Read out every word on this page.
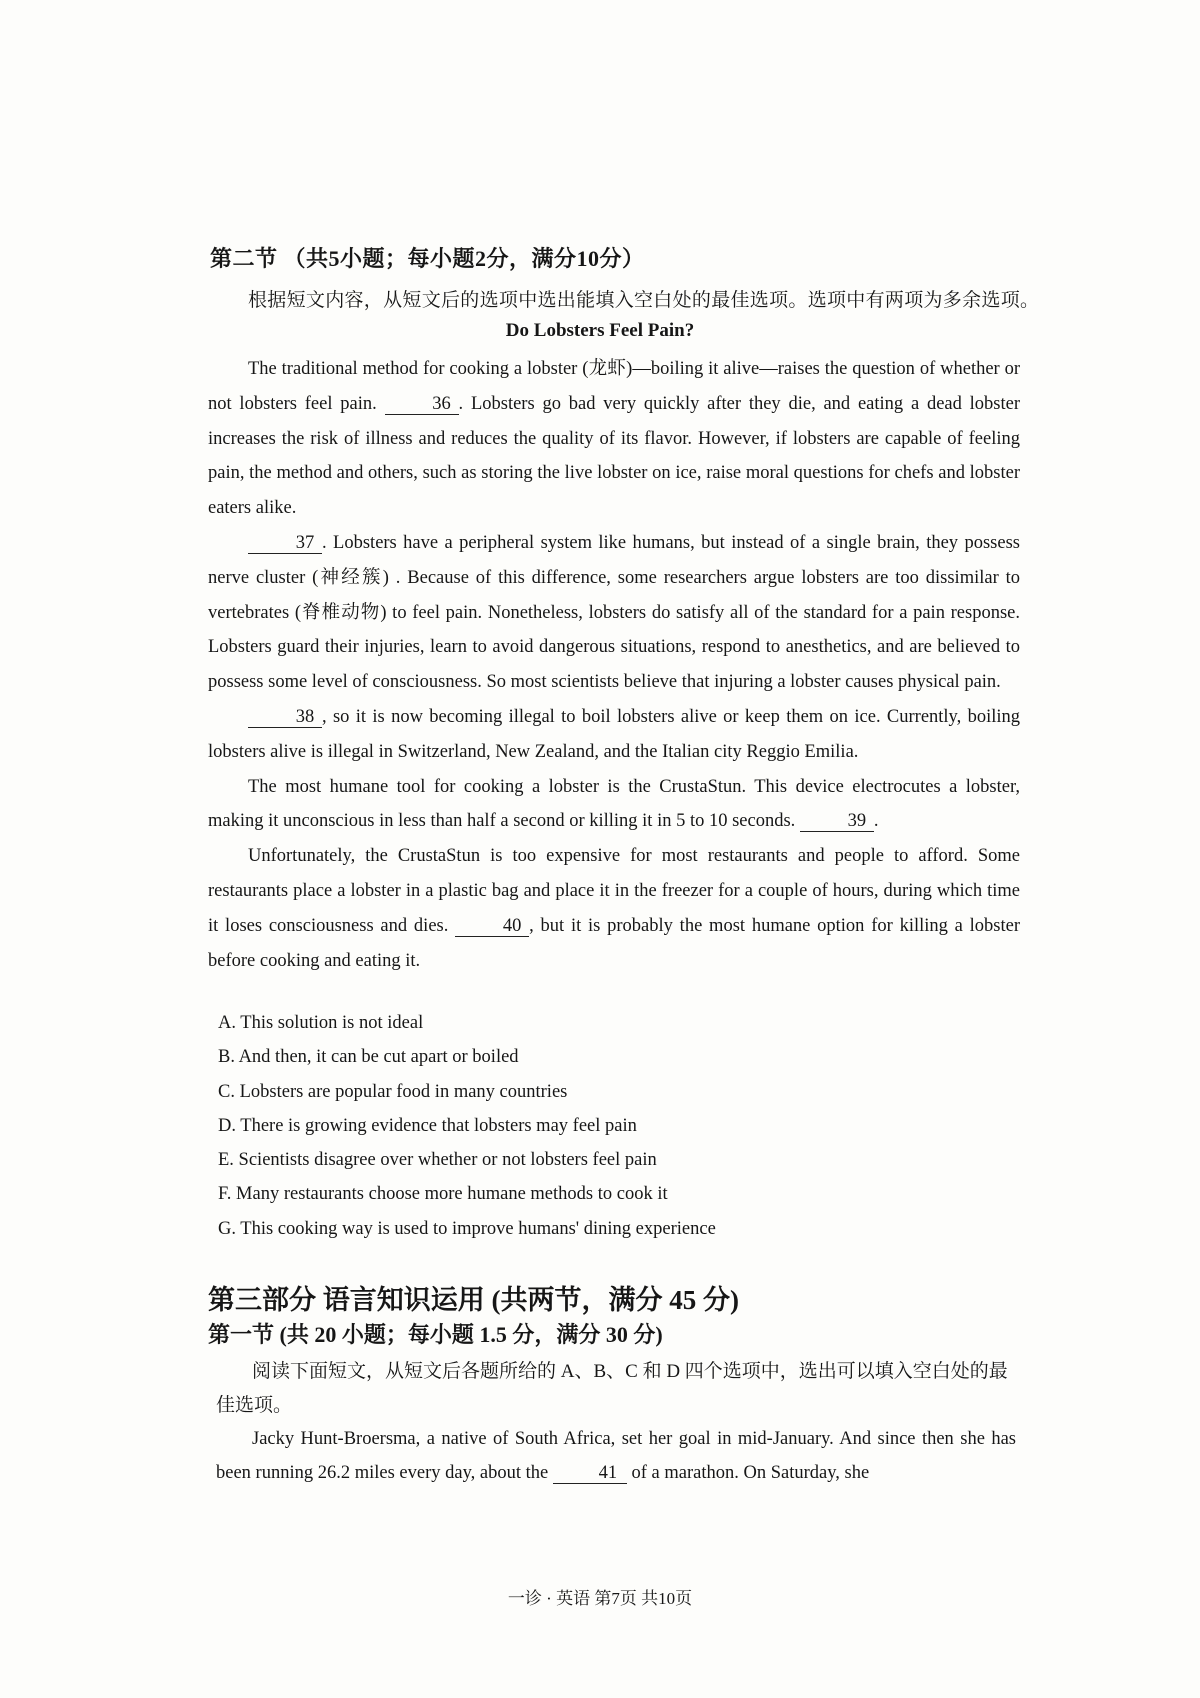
第二节 （共5小题；每小题2分，满分10分）
根据短文内容，从短文后的选项中选出能填入空白处的最佳选项。选项中有两项为多余选项。
Do Lobsters Feel Pain?

The traditional method for cooking a lobster (龙虾)—boiling it alive—raises the question of whether or not lobsters feel pain.	36 . Lobsters go bad very quickly after they die, and eating a dead lobster increases the risk of illness and reduces the quality of its flavor. However, if lobsters are capable of feeling pain, the method and others, such as storing the live lobster on ice, raise moral questions for chefs and lobster eaters alike.

37 . Lobsters have a peripheral system like humans, but instead of a single brain, they possess nerve cluster (神经簇) . Because of this difference, some researchers argue lobsters are too dissimilar to vertebrates (脊椎动物) to feel pain. Nonetheless, lobsters do satisfy all of the standard for a pain response. Lobsters guard their injuries, learn to avoid dangerous situations, respond to anesthetics, and are believed to possess some level of consciousness. So most scientists believe that injuring a lobster causes physical pain.

38 , so it is now becoming illegal to boil lobsters alive or keep them on ice. Currently, boiling lobsters alive is illegal in Switzerland, New Zealand, and the Italian city Reggio Emilia.

The most humane tool for cooking a lobster is the CrustaStun. This device electrocutes a lobster, making it unconscious in less than half a second or killing it in 5 to 10 seconds.	39 .

Unfortunately, the CrustaStun is too expensive for most restaurants and people to afford. Some restaurants place a lobster in a plastic bag and place it in the freezer for a couple of hours, during which time it loses consciousness and dies.	40 , but it is probably the most humane option for killing a lobster before cooking and eating it.

A. This solution is not ideal
B. And then, it can be cut apart or boiled
C. Lobsters are popular food in many countries
D. There is growing evidence that lobsters may feel pain
E. Scientists disagree over whether or not lobsters feel pain
F. Many restaurants choose more humane methods to cook it
G. This cooking way is used to improve humans' dining experience
第三部分 语言知识运用 (共两节，满分 45 分)
第一节 (共 20 小题；每小题 1.5 分，满分 30 分)

阅读下面短文，从短文后各题所给的 A、B、C 和 D 四个选项中，选出可以填入空白处的最佳选项。

Jacky Hunt-Broersma, a native of South Africa, set her goal in mid-January. And since then she has been running 26.2 miles every day, about the	41 of a marathon. On Saturday, she

一诊 · 英语 第7页 共10页
